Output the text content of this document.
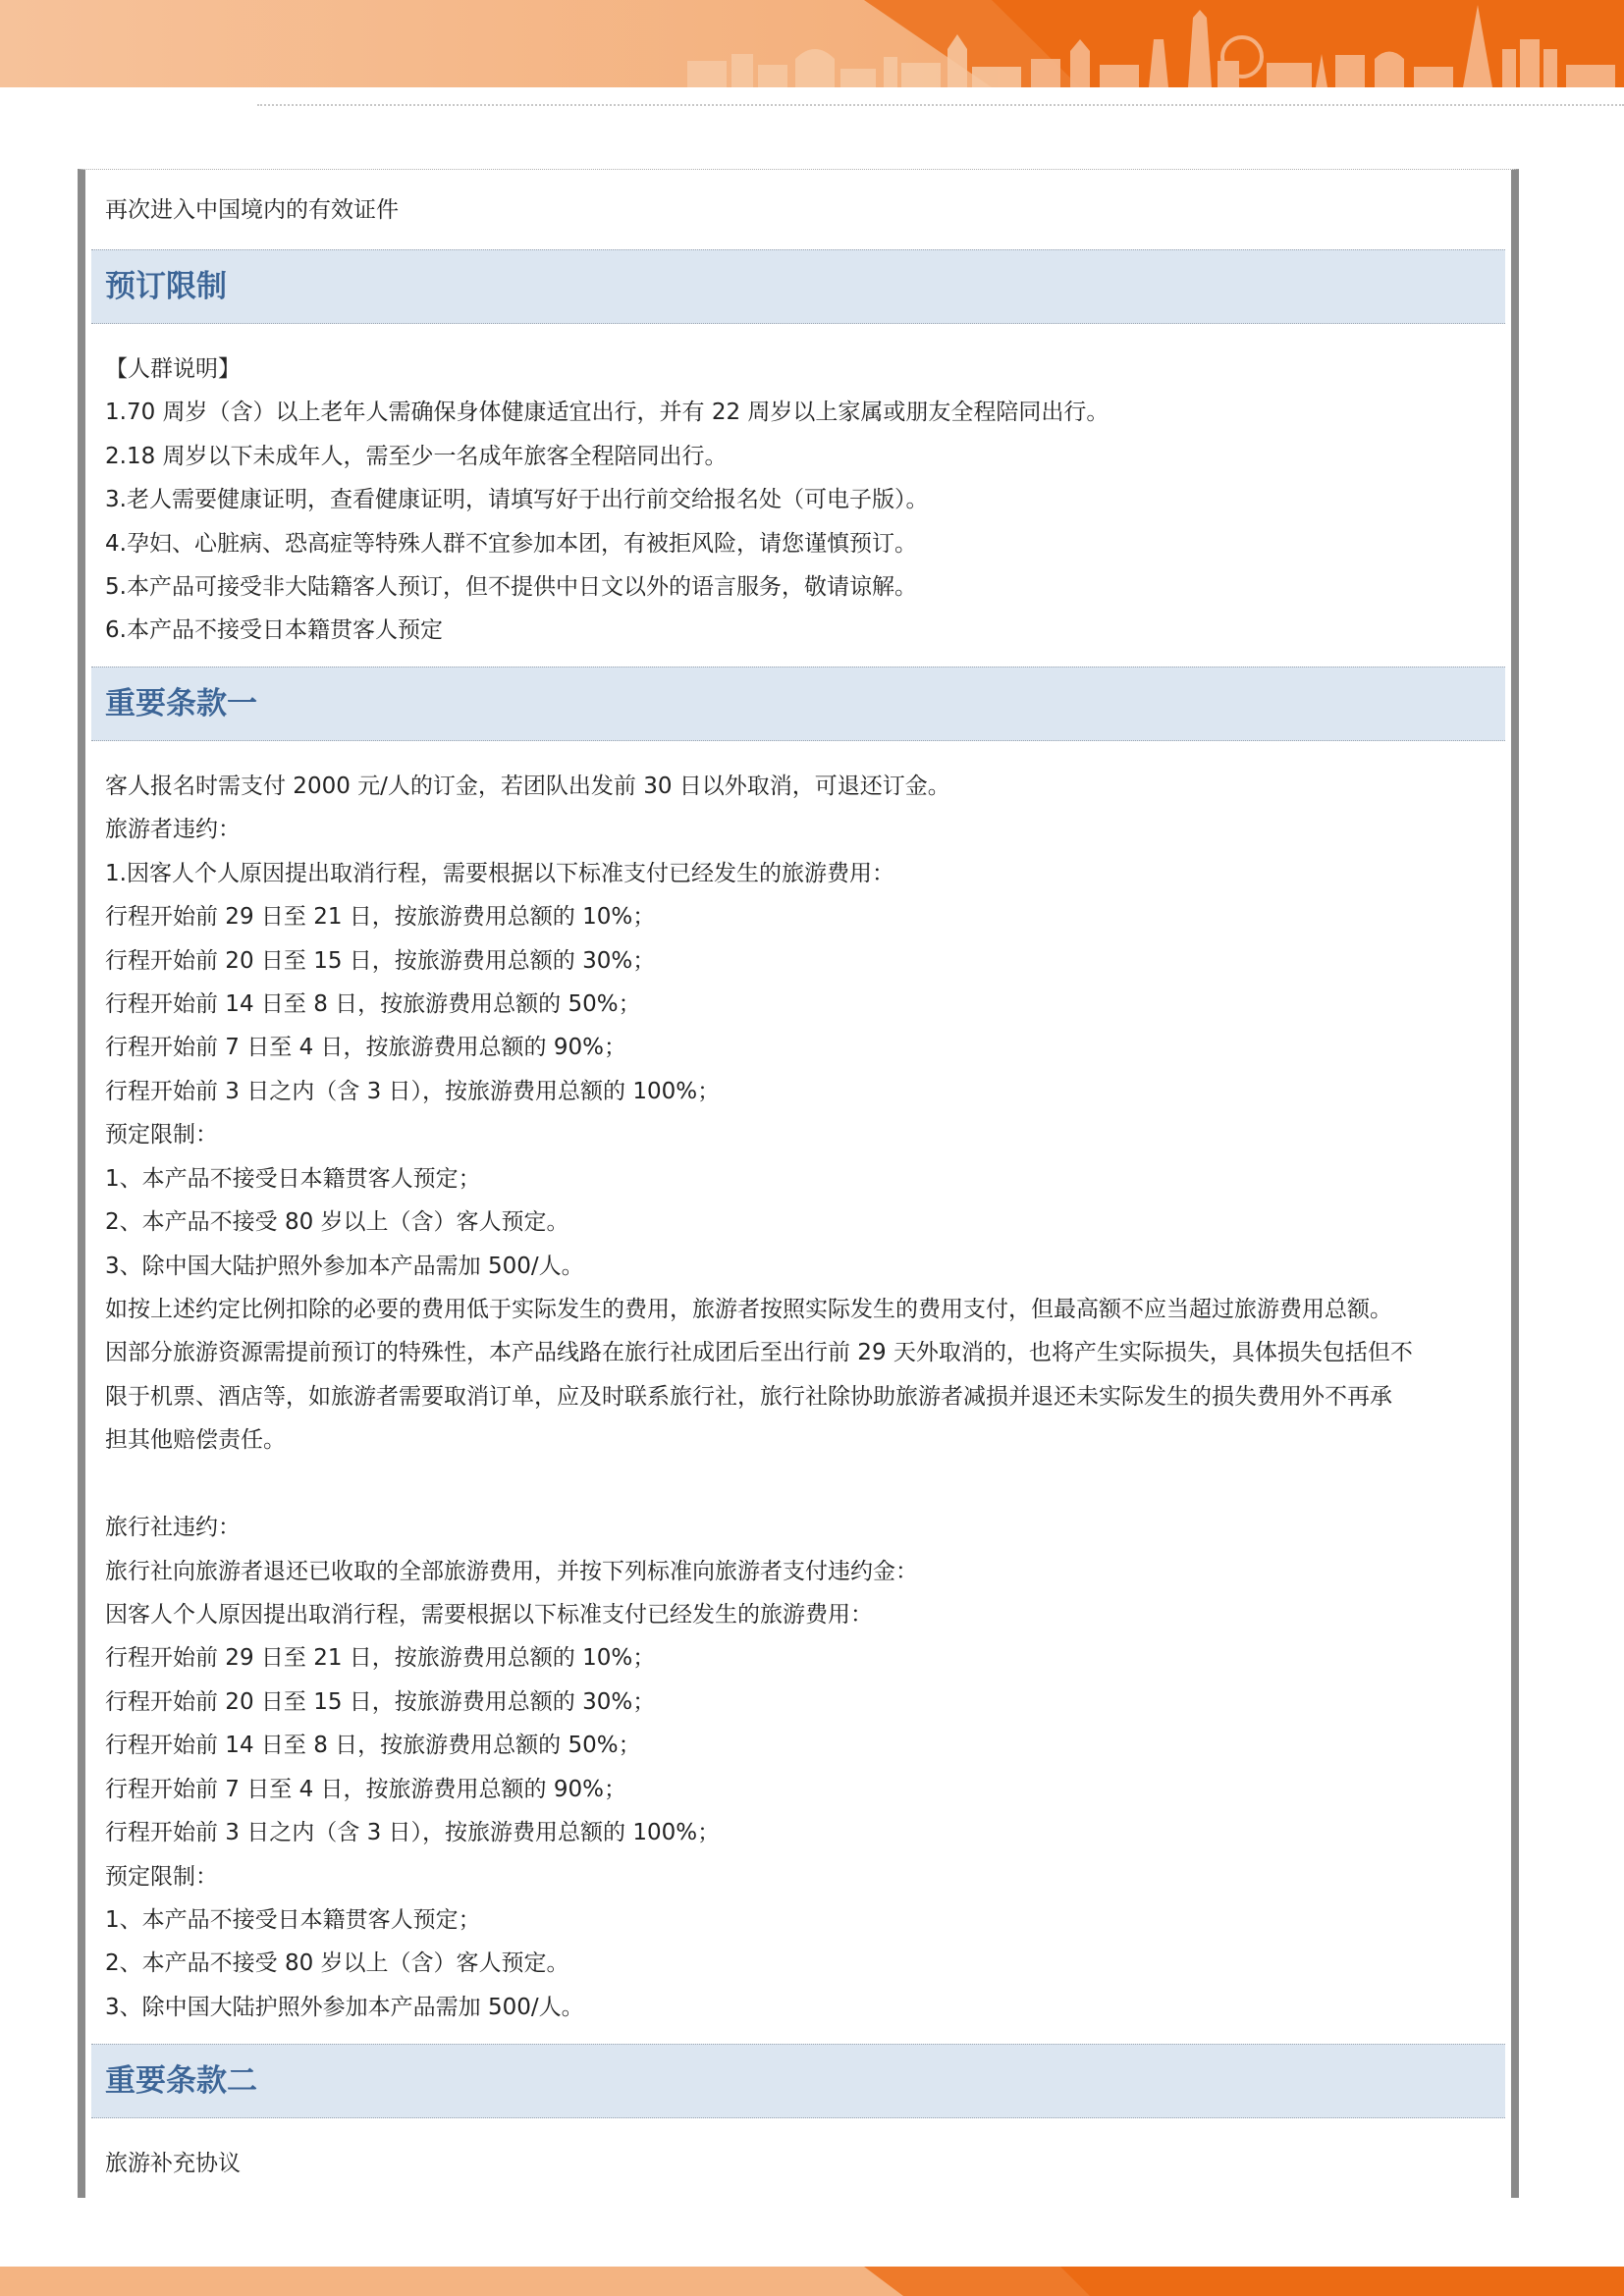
再次进入中国境内的有效证件
预订限制
【人群说明】
1.70 周岁（含）以上老年人需确保身体健康适宜出行，并有 22 周岁以上家属或朋友全程陪同出行。
2.18 周岁以下未成年人，需至少一名成年旅客全程陪同出行。
3.老人需要健康证明，查看健康证明，请填写好于出行前交给报名处（可电子版）。
4.孕妇、心脏病、恐高症等特殊人群不宜参加本团，有被拒风险，请您谨慎预订。
5.本产品可接受非大陆籍客人预订，但不提供中日文以外的语言服务，敬请谅解。
6.本产品不接受日本籍贯客人预定
重要条款一
客人报名时需支付 2000 元/人的订金，若团队出发前 30 日以外取消，可退还订金。
旅游者违约：
1.因客人个人原因提出取消行程，需要根据以下标准支付已经发生的旅游费用：
行程开始前 29 日至 21 日，按旅游费用总额的 10%；
行程开始前 20 日至 15 日，按旅游费用总额的 30%；
行程开始前 14 日至 8 日，按旅游费用总额的 50%；
行程开始前 7 日至 4 日，按旅游费用总额的 90%；
行程开始前 3 日之内（含 3 日），按旅游费用总额的 100%；
预定限制：
1、本产品不接受日本籍贯客人预定；
2、本产品不接受 80 岁以上（含）客人预定。
3、除中国大陆护照外参加本产品需加 500/人。
如按上述约定比例扣除的必要的费用低于实际发生的费用，旅游者按照实际发生的费用支付，但最高额不应当超过旅游费用总额。
因部分旅游资源需提前预订的特殊性，本产品线路在旅行社成团后至出行前 29 天外取消的，也将产生实际损失，具体损失包括但不
限于机票、酒店等，如旅游者需要取消订单，应及时联系旅行社，旅行社除协助旅游者减损并退还未实际发生的损失费用外不再承
担其他赔偿责任。
旅行社违约：
旅行社向旅游者退还已收取的全部旅游费用，并按下列标准向旅游者支付违约金：
因客人个人原因提出取消行程，需要根据以下标准支付已经发生的旅游费用：
行程开始前 29 日至 21 日，按旅游费用总额的 10%；
行程开始前 20 日至 15 日，按旅游费用总额的 30%；
行程开始前 14 日至 8 日，按旅游费用总额的 50%；
行程开始前 7 日至 4 日，按旅游费用总额的 90%；
行程开始前 3 日之内（含 3 日），按旅游费用总额的 100%；
预定限制：
1、本产品不接受日本籍贯客人预定；
2、本产品不接受 80 岁以上（含）客人预定。
3、除中国大陆护照外参加本产品需加 500/人。
重要条款二
旅游补充协议
